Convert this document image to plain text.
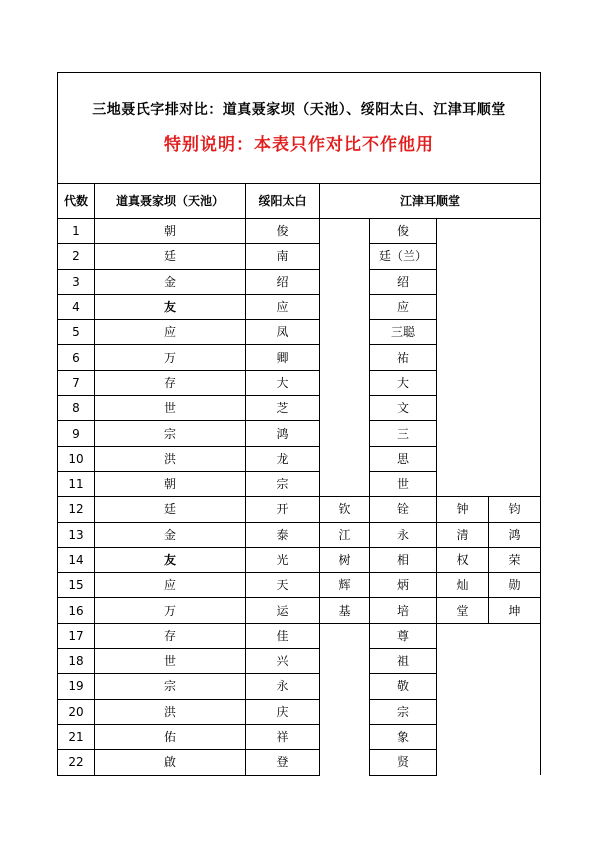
三地聂氏字排对比：道真聂家坝（天池）、绥阳太白、江津耳顺堂
特别说明：本表只作对比不作他用						

代数	道真聂家坝（天池）	绥阳太白	江津耳顺堂			
1	朝	俊		俊		
2	廷	南		廷（兰）		
3	金	绍		绍		
4	友	应		应		
5	应	凤		三聪		
6	万	卿		祐		
7	存	大		大		
8	世	芝		文		
9	宗	鸿		三		
10	洪	龙		思		
11	朝	宗		世		
12	廷	开	钦	铨	钟	钧
13	金	泰	江	永	清	鸿
14	友	光	树	相	权	荣
15	应	天	辉	炳	灿	勋
16	万	运	基	培	堂	坤
17	存	佳		尊		
18	世	兴		祖		
19	宗	永		敬		
20	洪	庆		宗		
21	佑	祥		象		
22	啟	登		贤		
